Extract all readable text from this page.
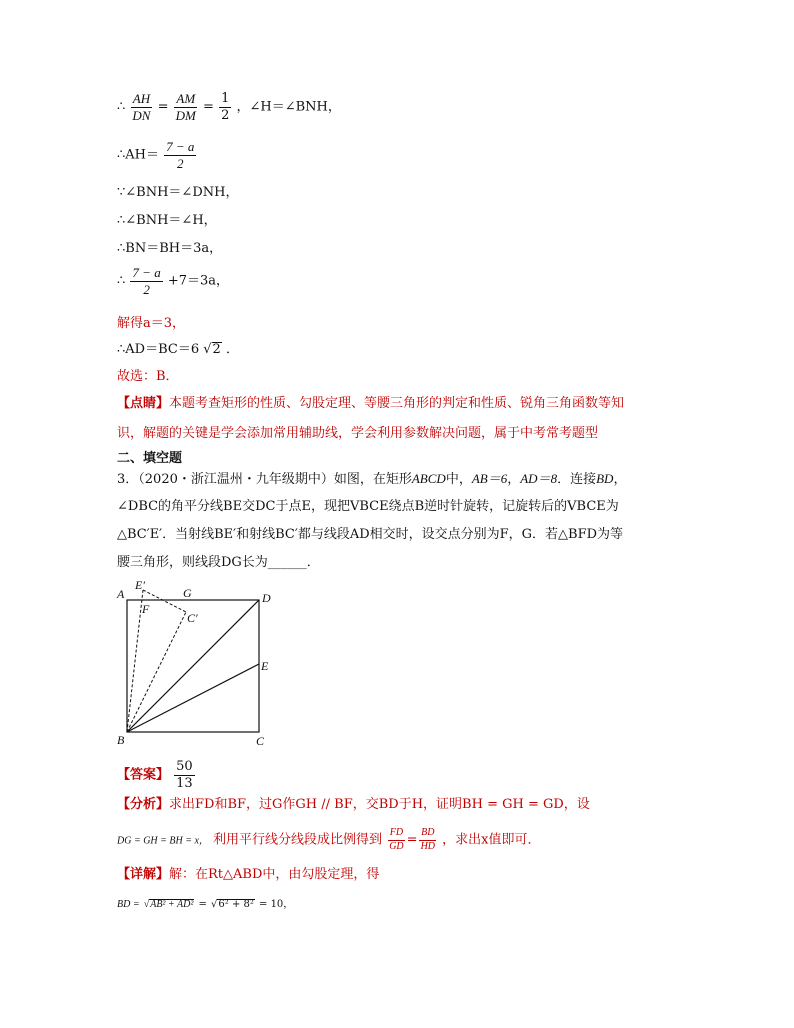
∴ $\frac{AH}{DN} = \frac{AM}{DM} = \frac{1}{2}$ ，∠H＝∠BNH，
∴AH＝ $\frac{7 - a}{2}$
∵∠BNH＝∠DNH，
∴∠BNH＝∠H，
∴BN＝BH＝3a，
∴ $\frac{7 - a}{2} +7=3a$，
解得a＝3，
∴AD＝BC＝6 √ 2 ．
故选：B．
【点睛】本题考查矩形的性质、勾股定理、等腰三角形的判定和性质、锐角三角函数等知
识，解题的关键是学会添加常用辅助线，学会利用参数解决问题，属于中考常考题型
二、填空题
3．（2020・浙江温州・九年级期中）如图，在矩形ABCD中，AB＝6，AD＝8．连接BD，
∠DBC的角平分线BE交DC于点E，现把VBCE绕点B逆时针旋转，记旋转后的VBCE为
△BC′E′．当射线BE′和射线BC′都与线段AD相交时，设交点分别为F，G．若△BFD为等
腰三角形，则线段DG长为______．
A	D
B	C
E
E′
F
G
C′
【答案】 $\frac{50}{13}$
【分析】求出FD和BF，过G作GH // BF，交BD于H，证明BH = GH = GD，设
DG = GH = BH = x， 利用平行线分线段成比例得到 $\frac{FD}{GD} = \frac{BD}{HD}$ ，求出x值即可．
【详解】解：在Rt△ABD中，由勾股定理，得
BD = √ AB² + AD² = √ 6² + 8² = 10，
